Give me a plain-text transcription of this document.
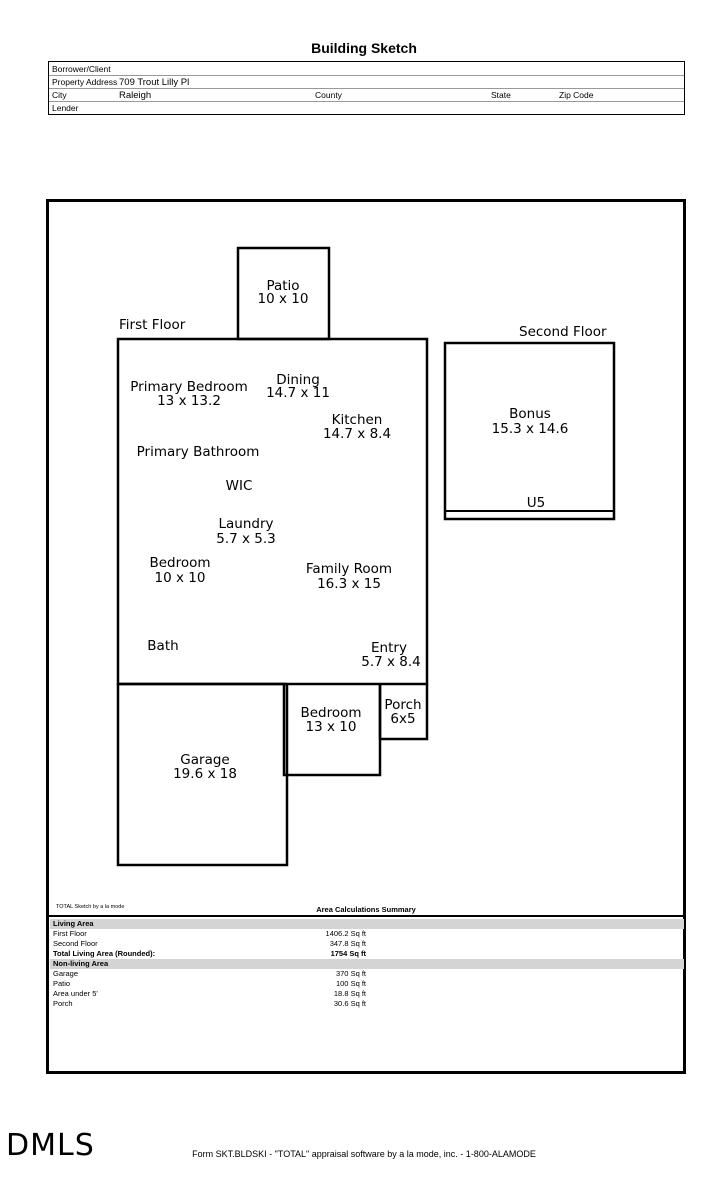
Building Sketch
Borrower/Client
Property Address 709 Trout Lilly Pl
City	Raleigh	County	State	Zip Code
Lender
First Floor	Second Floor
Patio
10 x 10
Primary Bedroom
13 x 13.2
Dining
14.7 x 11
Kitchen
14.7 x 8.4
Primary Bathroom
WIC
Laundry
5.7 x 5.3
Bedroom
10 x 10
Family Room
16.3 x 15
Bath	Entry
5.7 x 8.4
Porch
6x5
Bedroom
13 x 10
Garage
19.6 x 18
Bonus
15.3 x 14.6
U5
TOTAL Sketch by a la mode	Area Calculations Summary
Living Area
First Floor	1406.2 Sq ft
Second Floor	347.8 Sq ft
Total Living Area (Rounded):	1754 Sq ft
Non-living Area
Garage	370 Sq ft
Patio	100 Sq ft
Area under 5'	18.8 Sq ft
Porch	30.6 Sq ft
DMLS	Form SKT.BLDSKI - "TOTAL" appraisal software by a la mode, inc. - 1-800-ALAMODE
